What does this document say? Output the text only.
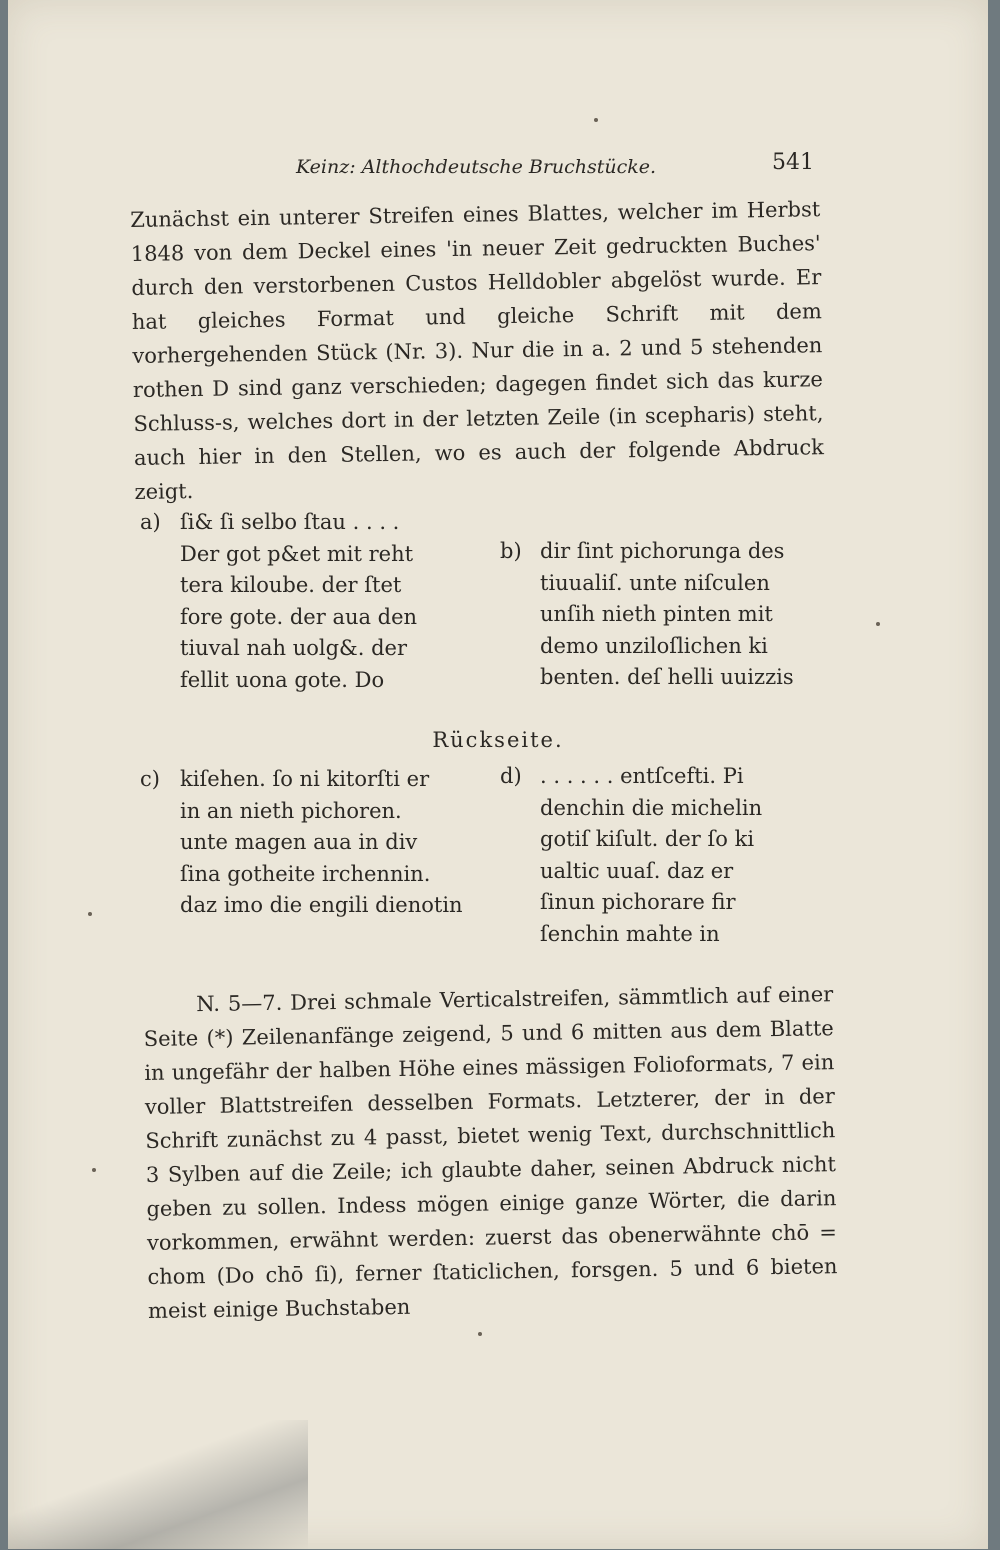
Keinz: Althochdeutsche Bruchstücke.	541
Zunächst ein unterer Streifen eines Blattes, welcher im Herbst 1848 von dem Deckel eines 'in neuer Zeit gedruckten Buches' durch den verstorbenen Custos Helldobler abgelöst wurde. Er hat gleiches Format und gleiche Schrift mit dem vorhergehenden Stück (Nr. 3). Nur die in a. 2 und 5 stehenden rothen D sind ganz verschieden; dagegen findet sich das kurze Schluss-s, welches dort in der letzten Zeile (in scepharis) steht, auch hier in den Stellen, wo es auch der folgende Abdruck zeigt.
a) ſi& ſi selbo ſtau . . . .
Der got p&et mit reht
tera kiloube. der ſtet
fore gote. der aua den
tiuval nah uolg&. der
fellit uona gote. Do
b) dir ſint pichorunga des
tiuualiſ. unte niſculen
unſih nieth pinten mit
demo unziloſlichen ki
benten. deſ helli uuizzis
Rückseite.
c) kiſehen. ſo ni kitorſti er
in an nieth pichoren.
unte magen aua in div
ſina gotheite irchennin.
daz imo die engili dienotin
d) . . . . . . entſcefti. Pi
denchin die michelin
gotiſ kiſult. der ſo ki
ualtic uuaſ. daz er
ſinun pichorare fir
ſenchin mahte in
N. 5—7. Drei schmale Verticalstreifen, sämmtlich auf einer Seite (*) Zeilenanfänge zeigend, 5 und 6 mitten aus dem Blatte in ungefähr der halben Höhe eines mässigen Folioformats, 7 ein voller Blattstreifen desselben Formats. Letzterer, der in der Schrift zunächst zu 4 passt, bietet wenig Text, durchschnittlich 3 Sylben auf die Zeile; ich glaubte daher, seinen Abdruck nicht geben zu sollen. Indess mögen einige ganze Wörter, die darin vorkommen, erwähnt werden: zuerst das obenerwähnte chō = chom (Do chō ſi), ferner ſtaticlichen, forsgen. 5 und 6 bieten meist einige Buchstaben
